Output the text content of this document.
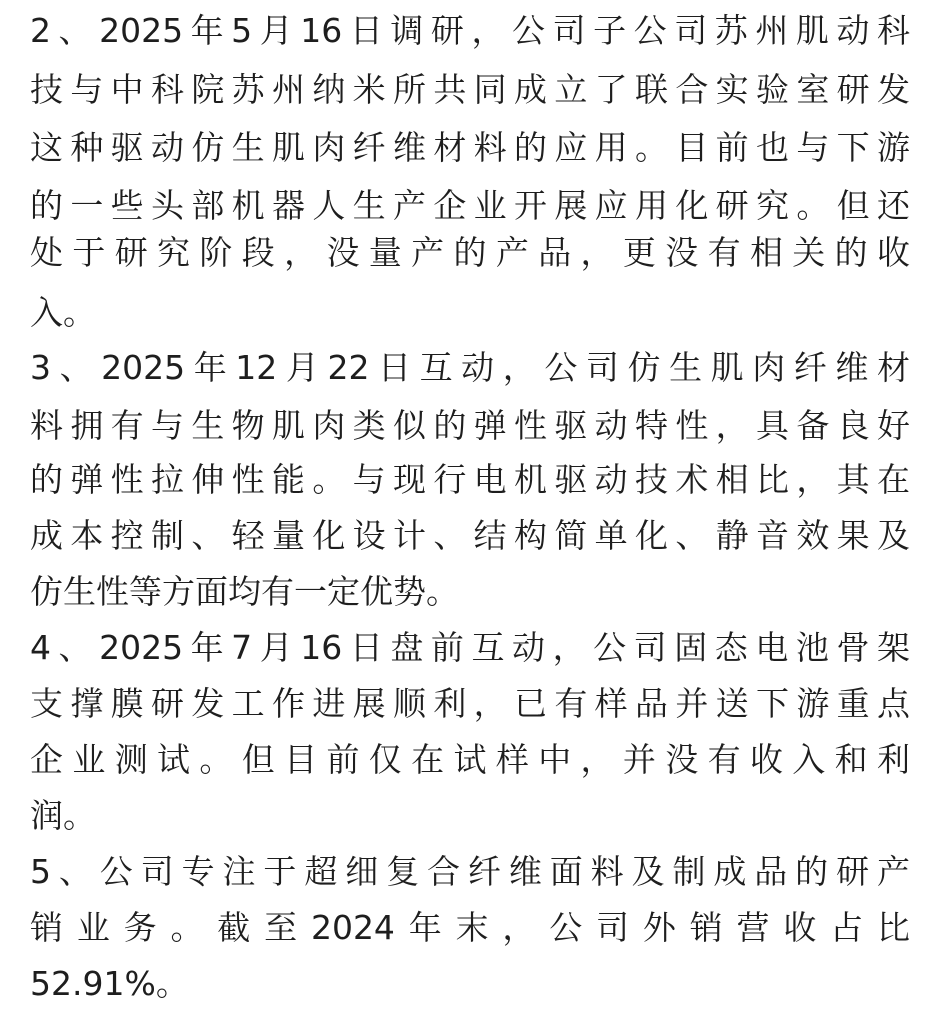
2、2025年5月16日调研，公司子公司苏州肌动科

技与中科院苏州纳米所共同成立了联合实验室研发

这种驱动仿生肌肉纤维材料的应用。目前也与下游

的一些头部机器人生产企业开展应用化研究。但还

处于研究阶段，没量产的产品，更没有相关的收

入。

3、2025年12月22日互动，公司仿生肌肉纤维材

料拥有与生物肌肉类似的弹性驱动特性，具备良好

的弹性拉伸性能。与现行电机驱动技术相比，其在

成本控制、轻量化设计、结构简单化、静音效果及

仿生性等方面均有一定优势。

4、2025年7月16日盘前互动，公司固态电池骨架

支撑膜研发工作进展顺利，已有样品并送下游重点

企业测试。但目前仅在试样中，并没有收入和利

润。

5、公司专注于超细复合纤维面料及制成品的研产

销业务。截至2024年末，公司外销营收占比

52.91%。
